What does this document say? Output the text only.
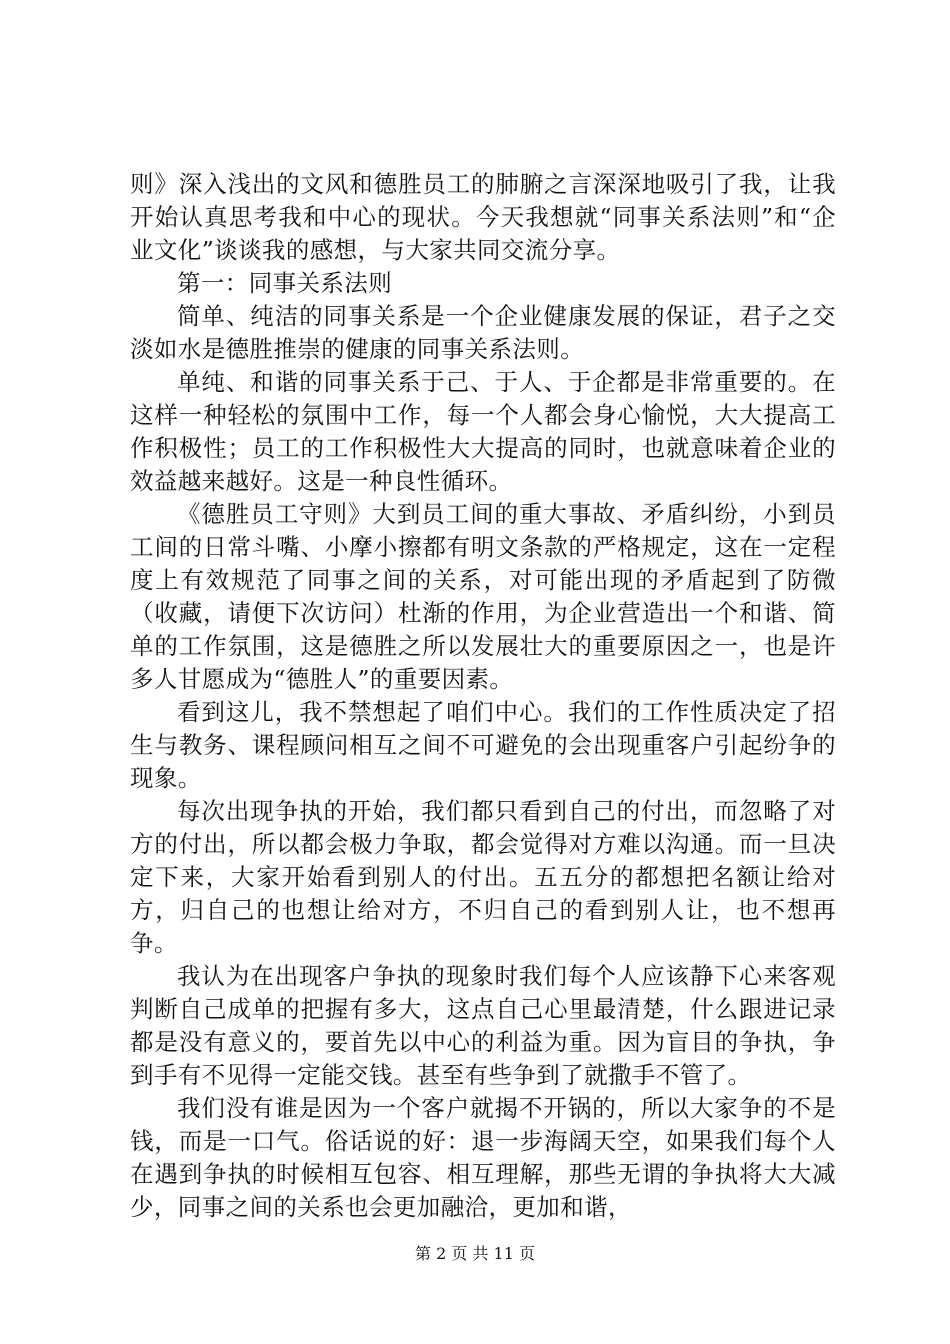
则》深入浅出的文风和德胜员工的肺腑之言深深地吸引了我，让我开始认真思考我和中心的现状。今天我想就“同事关系法则”和“企业文化”谈谈我的感想，与大家共同交流分享。

第一：同事关系法则

简单、纯洁的同事关系是一个企业健康发展的保证，君子之交淡如水是德胜推崇的健康的同事关系法则。

单纯、和谐的同事关系于己、于人、于企都是非常重要的。在这样一种轻松的氛围中工作，每一个人都会身心愉悦，大大提高工作积极性；员工的工作积极性大大提高的同时，也就意味着企业的效益越来越好。这是一种良性循环。

《德胜员工守则》大到员工间的重大事故、矛盾纠纷，小到员工间的日常斗嘴、小摩小擦都有明文条款的严格规定，这在一定程度上有效规范了同事之间的关系，对可能出现的矛盾起到了防微（收藏，请便下次访问）杜渐的作用，为企业营造出一个和谐、简单的工作氛围，这是德胜之所以发展壮大的重要原因之一，也是许多人甘愿成为“德胜人”的重要因素。

看到这儿，我不禁想起了咱们中心。我们的工作性质决定了招生与教务、课程顾问相互之间不可避免的会出现重客户引起纷争的现象。

每次出现争执的开始，我们都只看到自己的付出，而忽略了对方的付出，所以都会极力争取，都会觉得对方难以沟通。而一旦决定下来，大家开始看到别人的付出。五五分的都想把名额让给对方，归自己的也想让给对方，不归自己的看到别人让，也不想再争。

我认为在出现客户争执的现象时我们每个人应该静下心来客观判断自己成单的把握有多大，这点自己心里最清楚，什么跟进记录都是没有意义的，要首先以中心的利益为重。因为盲目的争执，争到手有不见得一定能交钱。甚至有些争到了就撒手不管了。

我们没有谁是因为一个客户就揭不开锅的，所以大家争的不是钱，而是一口气。俗话说的好：退一步海阔天空，如果我们每个人在遇到争执的时候相互包容、相互理解，那些无谓的争执将大大减少，同事之间的关系也会更加融洽，更加和谐，

第 2 页 共 11 页
